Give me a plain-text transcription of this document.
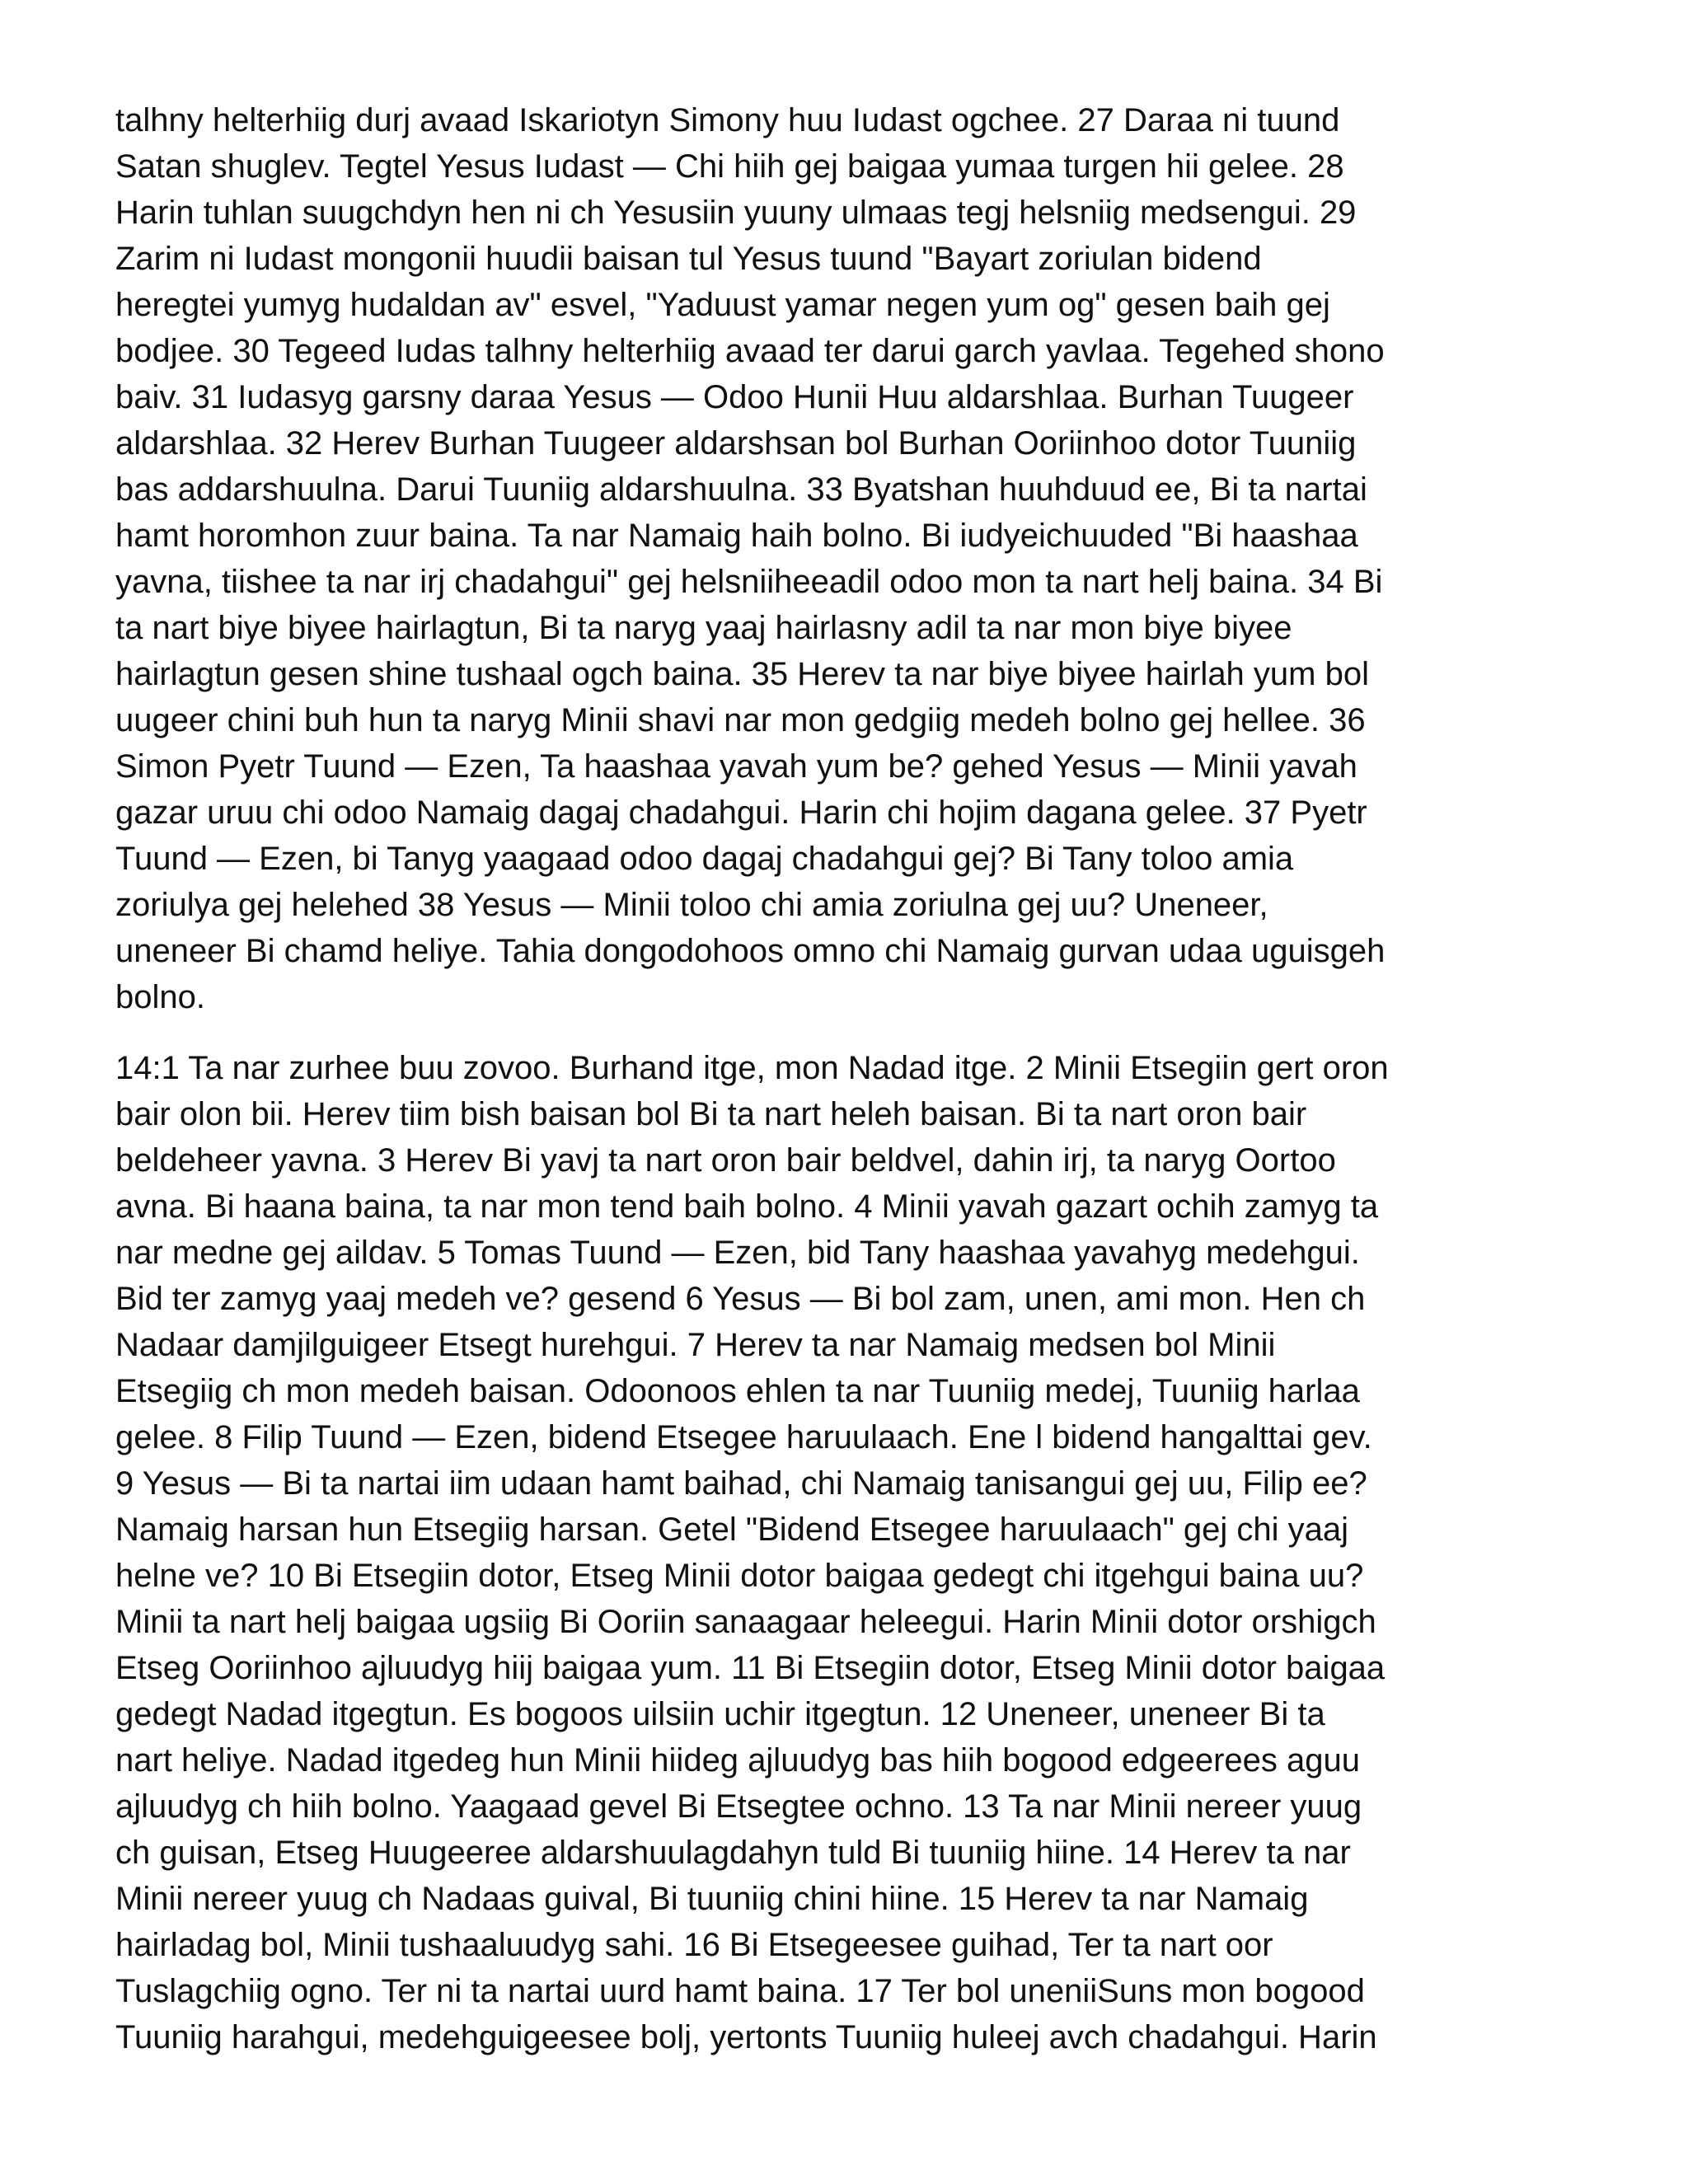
talhny helterhiig durj avaad Iskariotyn Simony huu Iudast ogchee. 27 Daraa ni tuund
Satan shuglev. Tegtel Yesus Iudast — Chi hiih gej baigaa yumaa turgen hii gelee. 28
Harin tuhlan suugchdyn hen ni ch Yesusiin yuuny ulmaas tegj helsniig medsengui. 29
Zarim ni Iudast mongonii huudii baisan tul Yesus tuund "Bayart zoriulan bidend
heregtei yumyg hudaldan av" esvel, "Yaduust yamar negen yum og" gesen baih gej
bodjee. 30 Tegeed Iudas talhny helterhiig avaad ter darui garch yavlaa. Tegehed shono
baiv. 31 Iudasyg garsny daraa Yesus — Odoo Hunii Huu aldarshlaa. Burhan Tuugeer
aldarshlaa. 32 Herev Burhan Tuugeer aldarshsan bol Burhan Ooriinhoo dotor Tuuniig
bas addarshuulna. Darui Tuuniig aldarshuulna. 33 Byatshan huuhduud ee, Bi ta nartai
hamt horomhon zuur baina. Ta nar Namaig haih bolno. Bi iudyeichuuded "Bi haashaa
yavna, tiishee ta nar irj chadahgui" gej helsniiheeadil odoo mon ta nart helj baina. 34 Bi
ta nart biye biyee hairlagtun, Bi ta naryg yaaj hairlasny adil ta nar mon biye biyee
hairlagtun gesen shine tushaal ogch baina. 35 Herev ta nar biye biyee hairlah yum bol
uugeer chini buh hun ta naryg Minii shavi nar mon gedgiig medeh bolno gej hellee. 36
Simon Pyetr Tuund — Ezen, Ta haashaa yavah yum be? gehed Yesus — Minii yavah
gazar uruu chi odoo Namaig dagaj chadahgui. Harin chi hojim dagana gelee. 37 Pyetr
Tuund — Ezen, bi Tanyg yaagaad odoo dagaj chadahgui gej? Bi Tany toloo amia
zoriulya gej helehed 38 Yesus — Minii toloo chi amia zoriulna gej uu? Uneneer,
uneneer Bi chamd heliye. Tahia dongodohoos omno chi Namaig gurvan udaa uguisgeh
bolno.

14:1 Ta nar zurhee buu zovoo. Burhand itge, mon Nadad itge. 2 Minii Etsegiin gert oron
bair olon bii. Herev tiim bish baisan bol Bi ta nart heleh baisan. Bi ta nart oron bair
beldeheer yavna. 3 Herev Bi yavj ta nart oron bair beldvel, dahin irj, ta naryg Oortoo
avna. Bi haana baina, ta nar mon tend baih bolno. 4 Minii yavah gazart ochih zamyg ta
nar medne gej aildav. 5 Tomas Tuund — Ezen, bid Tany haashaa yavahyg medehgui.
Bid ter zamyg yaaj medeh ve? gesend 6 Yesus — Bi bol zam, unen, ami mon. Hen ch
Nadaar damjilguigeer Etsegt hurehgui. 7 Herev ta nar Namaig medsen bol Minii
Etsegiig ch mon medeh baisan. Odoonoos ehlen ta nar Tuuniig medej, Tuuniig harlaa
gelee. 8 Filip Tuund — Ezen, bidend Etsegee haruulaach. Ene l bidend hangalttai gev.
9 Yesus — Bi ta nartai iim udaan hamt baihad, chi Namaig tanisangui gej uu, Filip ee?
Namaig harsan hun Etsegiig harsan. Getel "Bidend Etsegee haruulaach" gej chi yaaj
helne ve? 10 Bi Etsegiin dotor, Etseg Minii dotor baigaa gedegt chi itgehgui baina uu?
Minii ta nart helj baigaa ugsiig Bi Ooriin sanaagaar heleegui. Harin Minii dotor orshigch
Etseg Ooriinhoo ajluudyg hiij baigaa yum. 11 Bi Etsegiin dotor, Etseg Minii dotor baigaa
gedegt Nadad itgegtun. Es bogoos uilsiin uchir itgegtun. 12 Uneneer, uneneer Bi ta
nart heliye. Nadad itgedeg hun Minii hiideg ajluudyg bas hiih bogood edgeerees aguu
ajluudyg ch hiih bolno. Yaagaad gevel Bi Etsegtee ochno. 13 Ta nar Minii nereer yuug
ch guisan, Etseg Huugeeree aldarshuulagdahyn tuld Bi tuuniig hiine. 14 Herev ta nar
Minii nereer yuug ch Nadaas guival, Bi tuuniig chini hiine. 15 Herev ta nar Namaig
hairladag bol, Minii tushaaluudyg sahi. 16 Bi Etsegeesee guihad, Ter ta nart oor
Tuslagchiig ogno. Ter ni ta nartai uurd hamt baina. 17 Ter bol uneniiSuns mon bogood
Tuuniig harahgui, medehguigeesee bolj, yertonts Tuuniig huleej avch chadahgui. Harin
